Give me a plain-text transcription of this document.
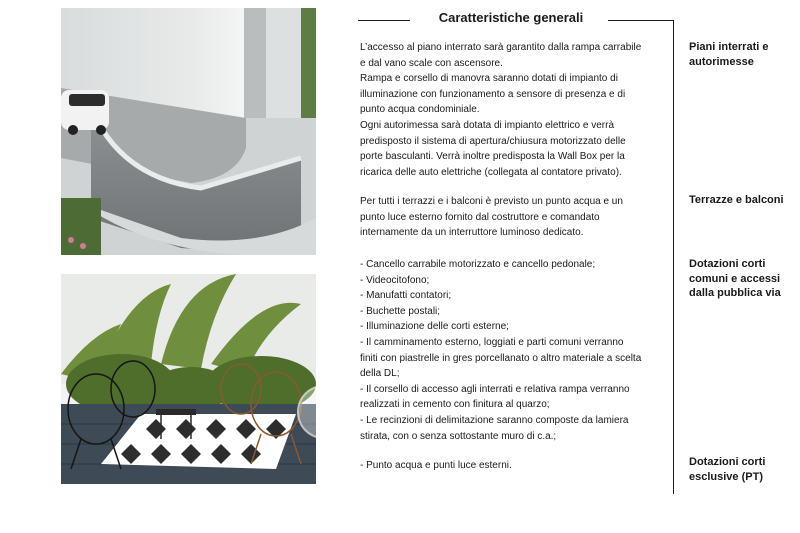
Caratteristiche generali

L’accesso al piano interrato sarà garantito dalla rampa carrabile

e dal vano scale con ascensore.

Rampa e corsello di manovra saranno dotati di impianto di

illuminazione con funzionamento a sensore di presenza e di

punto acqua condominiale.

Ogni autorimessa sarà dotata di impianto elettrico e verrà

predisposto il sistema di apertura/chiusura motorizzato delle

porte basculanti. Verrà inoltre predisposta la Wall Box per la

ricarica delle auto elettriche (collegata al contatore privato).

Per tutti i terrazzi e i balconi è previsto un punto acqua e un

punto luce esterno fornito dal costruttore e comandato

internamente da un interruttore luminoso dedicato.

- Cancello carrabile motorizzato e cancello pedonale;

- Videocitofono;

- Manufatti contatori;

- Buchette postali;

- Illuminazione delle corti esterne;

- Il camminamento esterno, loggiati e parti comuni verranno

finiti con piastrelle in gres porcellanato o altro materiale a scelta

della DL;

- Il corsello di accesso agli interrati e relativa rampa verranno

realizzati in cemento con finitura al quarzo;

- Le recinzioni di delimitazione saranno composte da lamiera

stirata, con o senza sottostante muro di c.a.;

- Punto acqua e punti luce esterni.

Piani interrati e autorimesse
Terrazze e balconi
Dotazioni corti comuni e accessi dalla pubblica via
Dotazioni corti esclusive (PT)
